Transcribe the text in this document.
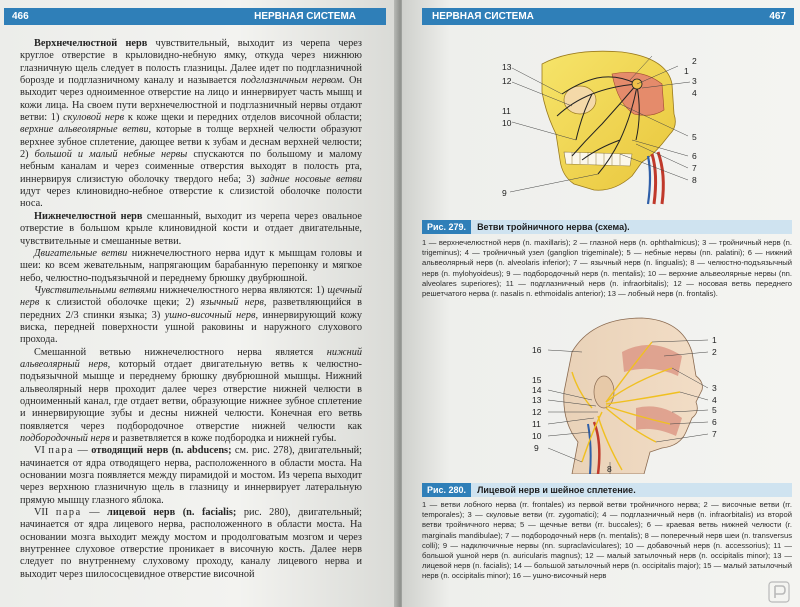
466	НЕРВНАЯ СИСТЕМА

Верхнечелюстной нерв чувствительный, выходит из черепа через круглое отверстие в крыловидно-небную ямку, откуда через нижнюю глазничную щель следует в полость глазницы. Далее идет по подглазничной борозде и подглазничному каналу и называется подглазничным нервом. Он выходит через одноименное отверстие на лицо и иннервирует часть мышц и кожи лица. На своем пути верхнечелюстной и подглазничный нервы отдают ветви: 1) скуловой нерв к коже щеки и передних отделов височной области; верхние альвеолярные ветви, которые в толще верхней челюсти образуют верхнее зубное сплетение, дающее ветви к зубам и деснам верхней челюсти; 2) большой и малый небные нервы спускаются по большому и малому небным каналам и через соименные отверстия выходят в полость рта, иннервируя слизистую оболочку твердого неба; 3) задние носовые ветви идут через клиновидно-небное отверстие к слизистой оболочке полости носа.

Нижнечелюстной нерв смешанный, выходит из черепа через овальное отверстие в большом крыле клиновидной кости и отдает двигательные, чувствительные и смешанные ветви.

Двигательные ветви нижнечелюстного нерва идут к мышцам головы и шеи: ко всем жевательным, напрягающим барабанную перепонку и мягкое небо, челюстно-подъязычной и переднему брюшку двубрюшной.

Чувствительными ветвями нижнечелюстного нерва являются: 1) щечный нерв к слизистой оболочке щеки; 2) язычный нерв, разветвляющийся в передних 2/3 спинки языка; 3) ушно-височный нерв, иннервирующий кожу виска, передней поверхности ушной раковины и наружного слухового прохода.

Смешанной ветвью нижнечелюстного нерва является нижний альвеолярный нерв, который отдает двигательную ветвь к челюстно-подъязычной мышце и переднему брюшку двубрюшной мышцы. Нижний альвеолярный нерв проходит далее через отверстие нижней челюсти в одноименный канал, где отдает ветви, образующие нижнее зубное сплетение и иннервирующие зубы и десны нижней челюсти. Конечная его ветвь появляется через подбородочное отверстие нижней челюсти как подбородочный нерв и разветвляется в коже подбородка и нижней губы.

VI пара — отводящий нерв (n. abducens; см. рис. 278), двигательный; начинается от ядра отводящего нерва, расположенного в области моста. На основании мозга появляется между пирамидой и мостом. Из черепа выходит через верхнюю глазничную щель в глазницу и иннервирует латеральную прямую мышцу глазного яблока.

VII пара — лицевой нерв (n. facialis; рис. 280), двигательный; начинается от ядра лицевого нерва, расположенного в области моста. На основании мозга выходит между мостом и продолговатым мозгом и через внутреннее слуховое отверстие проникает в височную кость. Далее нерв следует по внутреннему слуховому проходу, каналу лицевого нерва и выходит через шилососцевидное отверстие височной

НЕРВНАЯ СИСТЕМА	467
1
2
3
4
5
6
7
8
9
10
11
12
13
Рис. 279. Ветви тройничного нерва (схема).
1 — верхнечелюстной нерв (n. maxillaris); 2 — глазной нерв (n. ophthalmicus); 3 — тройничный нерв (n. trigeminus); 4 — тройничный узел (ganglion trigeminale); 5 — небные нервы (nn. palatini); 6 — нижний альвеолярный нерв (n. alveolaris inferior); 7 — язычный нерв (n. lingualis); 8 — челюстно-подъязычный нерв (n. mylohyoideus); 9 — подбородочный нерв (n. mentalis); 10 — верхние альвеолярные нервы (nn. alveolares superiores); 11 — подглазничный нерв (n. infraorbitalis); 12 — носовая ветвь переднего решетчатого нерва (r. nasalis n. ethmoidalis anterior); 13 — лобный нерв (n. frontalis).
1
2
3
4
5
6
7
8
9
10
11
12
13
14
15
16
Рис. 280. Лицевой нерв и шейное сплетение.
1 — ветви лобного нерва (rr. frontales) из первой ветви тройничного нерва; 2 — височные ветви (rr. temporales); 3 — скуловые ветви (rr. zygomatici); 4 — подглазничный нерв (n. infraorbitalis) из второй ветви тройничного нерва; 5 — щечные ветви (rr. buccales); 6 — краевая ветвь нижней челюсти (r. marginalis mandibulae); 7 — подбородочный нерв (n. mentalis); 8 — поперечный нерв шеи (n. transversus colli); 9 — надключичные нервы (nn. supraclaviculares); 10 — добавочный нерв (n. accessorius); 11 — большой ушной нерв (n. auricularis magnus); 12 — малый затылочный нерв (n. occipitalis minor); 13 — лицевой нерв (n. facialis); 14 — большой затылочный нерв (n. occipitalis major); 15 — малый затылочный нерв (n. occipitalis minor); 16 — ушно-височный нерв
